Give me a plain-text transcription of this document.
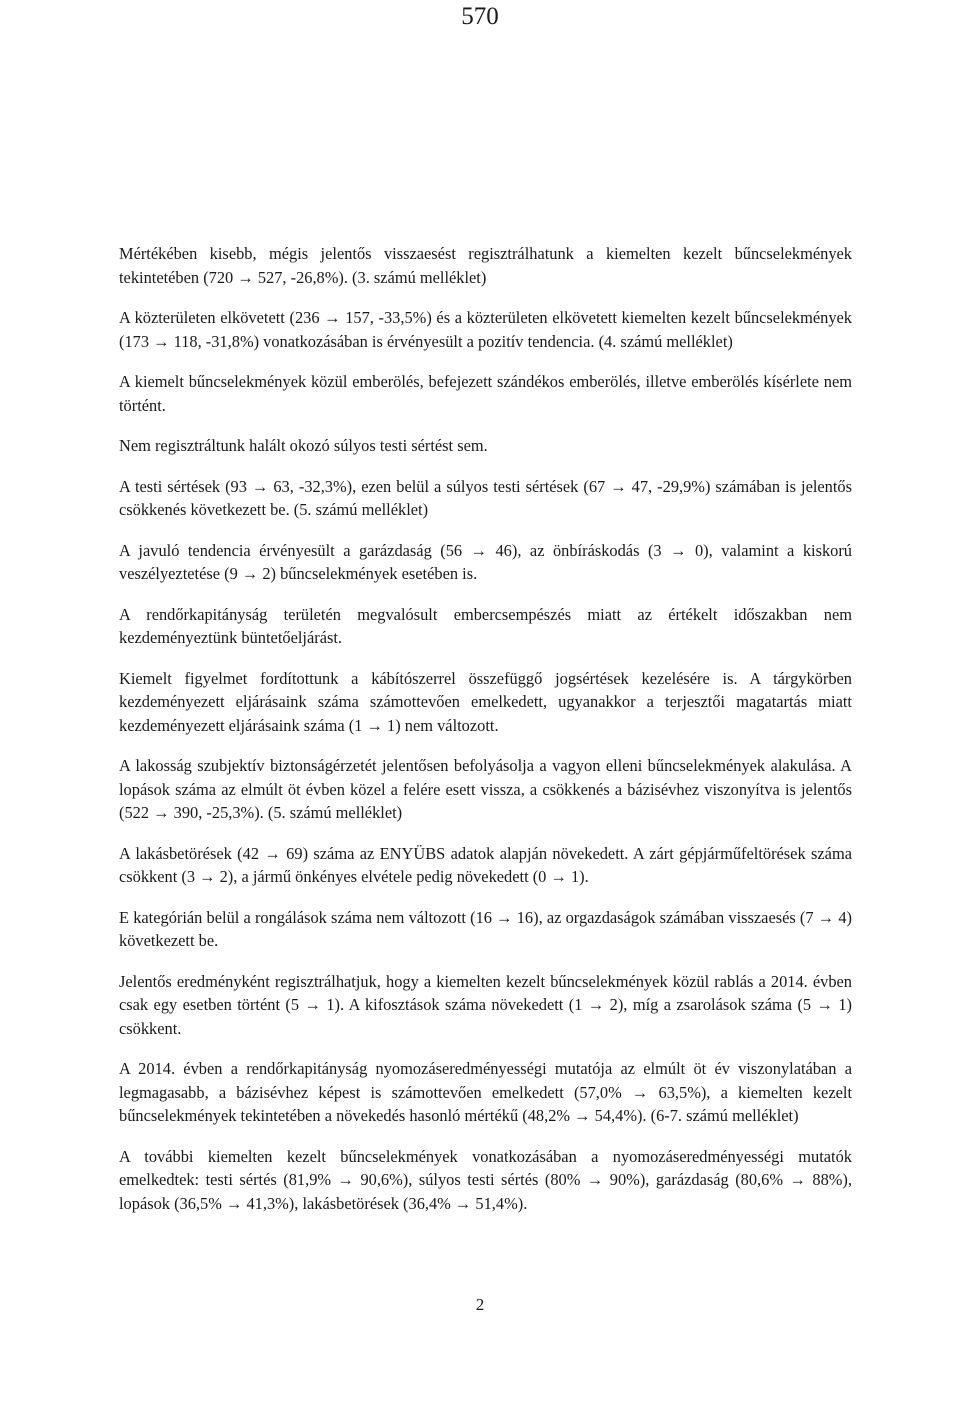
570

Mértékében kisebb, mégis jelentős visszaesést regisztrálhatunk a kiemelten kezelt bűncselekmények tekintetében (720 → 527, -26,8%). (3. számú melléklet)

A közterületen elkövetett (236 → 157, -33,5%) és a közterületen elkövetett kiemelten kezelt bűncselekmények (173 → 118, -31,8%) vonatkozásában is érvényesült a pozitív tendencia. (4. számú melléklet)

A kiemelt bűncselekmények közül emberölés, befejezett szándékos emberölés, illetve emberölés kísérlete nem történt.

Nem regisztráltunk halált okozó súlyos testi sértést sem.

A testi sértések (93 → 63, -32,3%), ezen belül a súlyos testi sértések (67 → 47, -29,9%) számában is jelentős csökkenés következett be. (5. számú melléklet)

A javuló tendencia érvényesült a garázdaság (56 → 46), az önbíráskodás (3 → 0), valamint a kiskorú veszélyeztetése (9 → 2) bűncselekmények esetében is.

A rendőrkapitányság területén megvalósult embercsempészés miatt az értékelt időszakban nem kezdeményeztünk büntetőeljárást.

Kiemelt figyelmet fordítottunk a kábítószerrel összefüggő jogsértések kezelésére is. A tárgykörben kezdeményezett eljárásaink száma számottevően emelkedett, ugyanakkor a terjesztői magatartás miatt kezdeményezett eljárásaink száma (1 → 1) nem változott.

A lakosság szubjektív biztonságérzetét jelentősen befolyásolja a vagyon elleni bűncselekmények alakulása. A lopások száma az elmúlt öt évben közel a felére esett vissza, a csökkenés a bázisévhez viszonyítva is jelentős (522 → 390, -25,3%). (5. számú melléklet)

A lakásbetörések (42 → 69) száma az ENYÜBS adatok alapján növekedett. A zárt gépjárműfeltörések száma csökkent (3 → 2), a jármű önkényes elvétele pedig növekedett (0 → 1).

E kategórián belül a rongálások száma nem változott (16 → 16), az orgazdaságok számában visszaesés (7 → 4) következett be.

Jelentős eredményként regisztrálhatjuk, hogy a kiemelten kezelt bűncselekmények közül rablás a 2014. évben csak egy esetben történt (5 → 1). A kifosztások száma növekedett (1 → 2), míg a zsarolások száma (5 → 1) csökkent.

A 2014. évben a rendőrkapitányság nyomozáseredményességi mutatója az elmúlt öt év viszonylatában a legmagasabb, a bázisévhez képest is számottevően emelkedett (57,0% → 63,5%), a kiemelten kezelt bűncselekmények tekintetében a növekedés hasonló mértékű (48,2% → 54,4%). (6-7. számú melléklet)

A további kiemelten kezelt bűncselekmények vonatkozásában a nyomozáseredményességi mutatók emelkedtek: testi sértés (81,9% → 90,6%), súlyos testi sértés (80% → 90%), garázdaság (80,6% → 88%), lopások (36,5% → 41,3%), lakásbetörések (36,4% → 51,4%).

2
